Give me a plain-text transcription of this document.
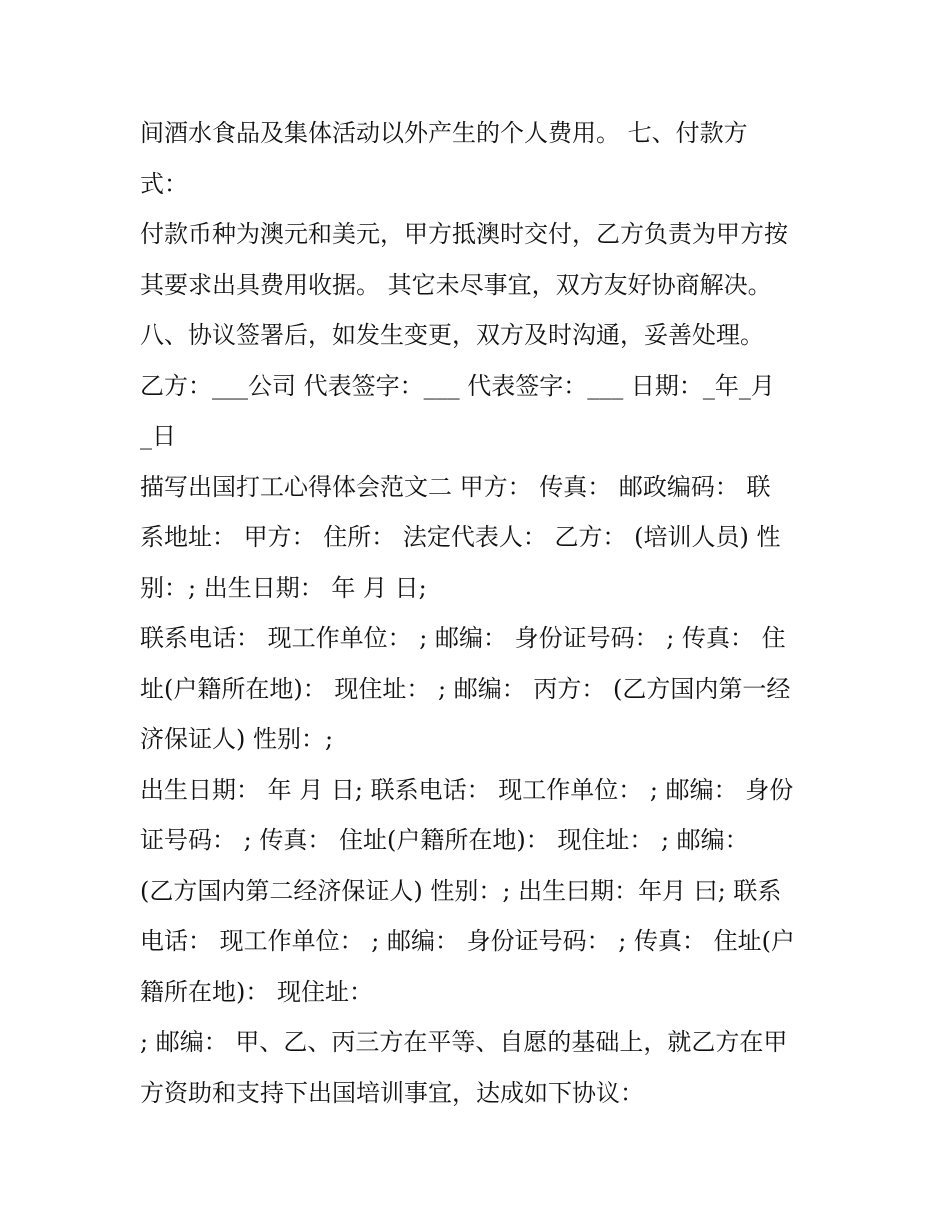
间酒水食品及集体活动以外产生的个人费用。 七、付款方
式：
付款币种为澳元和美元，甲方抵澳时交付，乙方负责为甲方按
其要求出具费用收据。 其它未尽事宜，双方友好协商解决。
八、协议签署后，如发生变更，双方及时沟通，妥善处理。
乙方：___公司 代表签字：___ 代表签字：___ 日期：_年_月
_日
描写出国打工心得体会范文二 甲方： 传真： 邮政编码： 联
系地址： 甲方： 住所： 法定代表人： 乙方： (培训人员) 性
别：; 出生日期： 年 月 日;
联系电话： 现工作单位： ; 邮编： 身份证号码： ; 传真： 住
址(户籍所在地)： 现住址： ; 邮编： 丙方： (乙方国内第一经
济保证人) 性别：;
出生日期： 年 月 日; 联系电话： 现工作单位： ; 邮编： 身份
证号码： ; 传真： 住址(户籍所在地)： 现住址： ; 邮编：
(乙方国内第二经济保证人) 性别：; 出生曰期：年月 曰; 联系
电话： 现工作单位： ; 邮编： 身份证号码： ; 传真： 住址(户
籍所在地)： 现住址：
; 邮编： 甲、乙、丙三方在平等、自愿的基础上，就乙方在甲
方资助和支持下出国培训事宜，达成如下协议：
